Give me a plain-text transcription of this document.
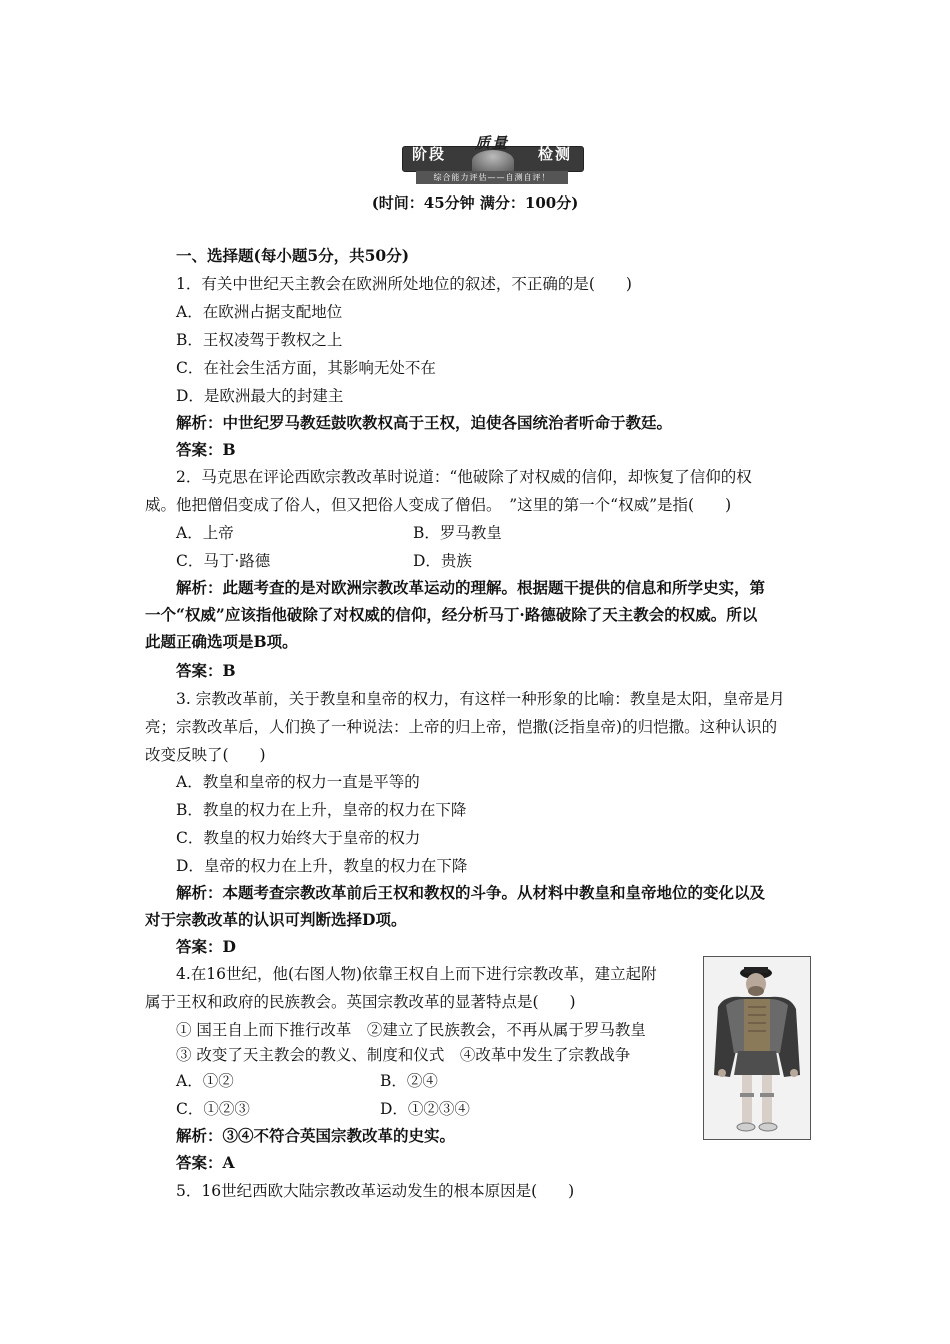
质量
阶段	检测
综合能力评估——自测自评！
(时间：45分钟 满分：100分)
一、选择题(每小题5分，共50分)
1．有关中世纪天主教会在欧洲所处地位的叙述，不正确的是(　　)
A．在欧洲占据支配地位
B．王权凌驾于教权之上
C．在社会生活方面，其影响无处不在
D．是欧洲最大的封建主
解析：中世纪罗马教廷鼓吹教权高于王权，迫使各国统治者听命于教廷。
答案：B
2．马克思在评论西欧宗教改革时说道：“他破除了对权威的信仰，却恢复了信仰的权
威。他把僧侣变成了俗人，但又把俗人变成了僧侣。　”这里的第一个“权威”是指(　　)
A．上帝	B．罗马教皇
C．马丁·路德	D．贵族
解析：此题考查的是对欧洲宗教改革运动的理解。根据题干提供的信息和所学史实，第
一个“权威”应该指他破除了对权威的信仰，经分析马丁·路德破除了天主教会的权威。所以
此题正确选项是B项。
答案：B
3. 宗教改革前，关于教皇和皇帝的权力，有这样一种形象的比喻：教皇是太阳，皇帝是月
亮；宗教改革后，人们换了一种说法：上帝的归上帝，恺撒(泛指皇帝)的归恺撒。这种认识的
改变反映了(　　)
A．教皇和皇帝的权力一直是平等的
B．教皇的权力在上升，皇帝的权力在下降
C．教皇的权力始终大于皇帝的权力
D．皇帝的权力在上升，教皇的权力在下降
解析：本题考查宗教改革前后王权和教权的斗争。从材料中教皇和皇帝地位的变化以及
对于宗教改革的认识可判断选择D项。
答案：D
4.在16世纪，他(右图人物)依靠王权自上而下进行宗教改革，建立起附
属于王权和政府的民族教会。英国宗教改革的显著特点是(　　)
① 国王自上而下推行改革　②建立了民族教会，不再从属于罗马教皇
③ 改变了天主教会的教义、制度和仪式　④改革中发生了宗教战争
A．①②	B．②④
C．①②③	D．①②③④
解析：③④不符合英国宗教改革的史实。
答案：A
5．16世纪西欧大陆宗教改革运动发生的根本原因是(　　)
